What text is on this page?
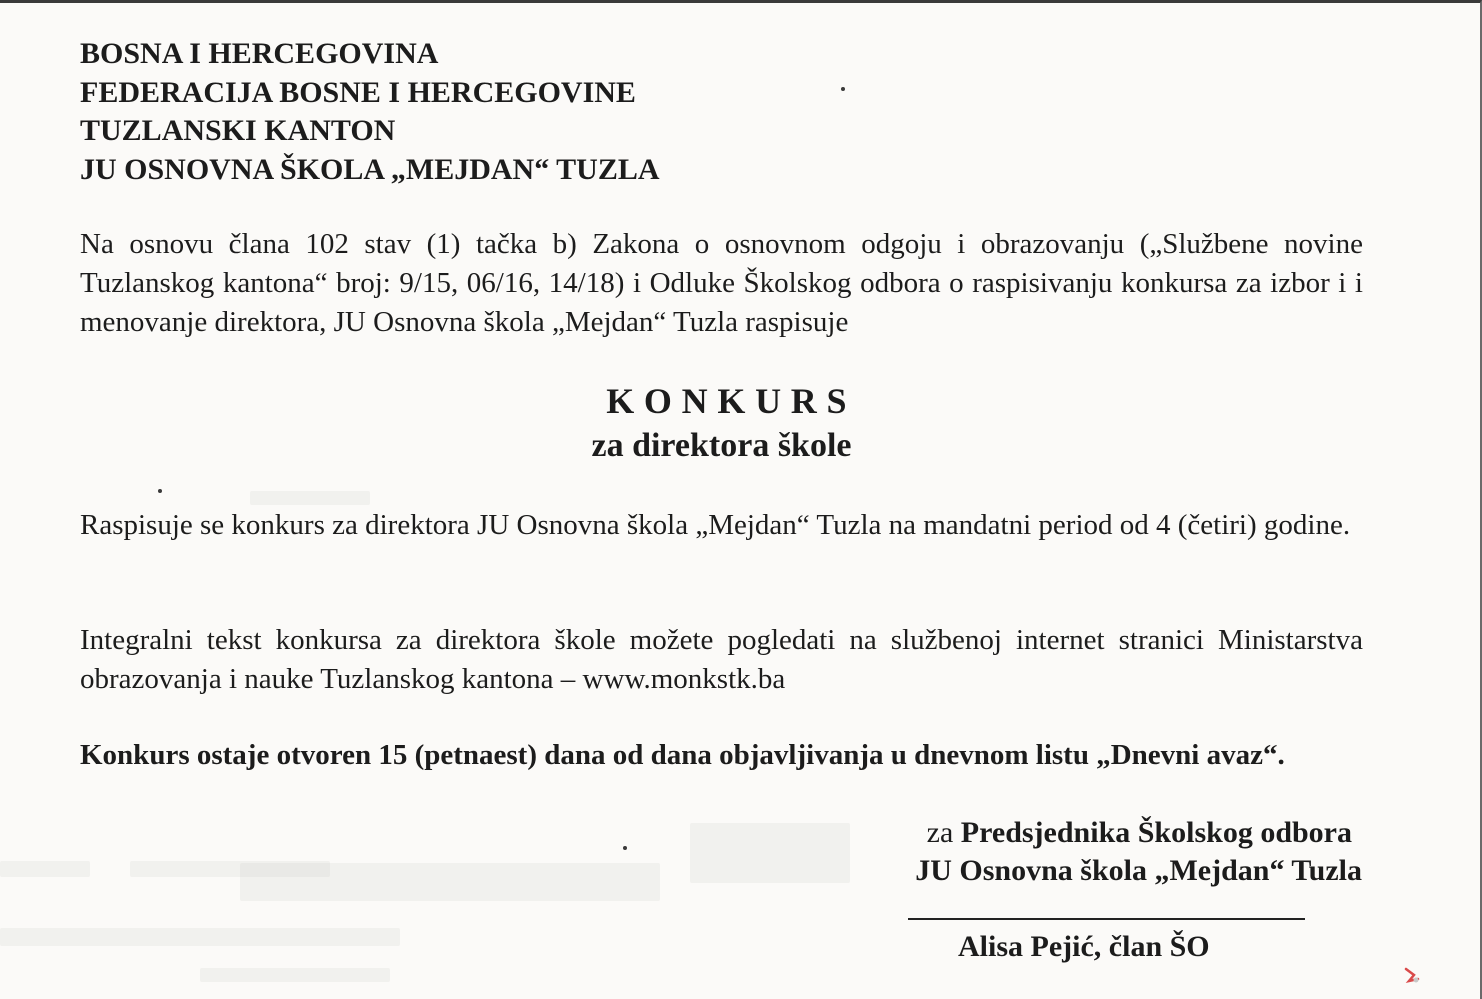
BOSNA I HERCEGOVINA
FEDERACIJA BOSNE I HERCEGOVINE
TUZLANSKI KANTON
JU OSNOVNA ŠKOLA „MEJDAN“ TUZLA

Na osnovu člana 102 stav (1) tačka b) Zakona o osnovnom odgoju i obrazovanju („Službene novine Tuzlanskog kantona“ broj: 9/15, 06/16, 14/18) i Odluke Školskog odbora o raspisivanju konkursa za izbor i i menovanje direktora, JU Osnovna škola „Mejdan“ Tuzla raspisuje

KONKURS
za direktora škole

Raspisuje se konkurs za direktora JU Osnovna škola „Mejdan“ Tuzla na mandatni period od 4 (četiri) godine.

Integralni tekst konkursa za direktora škole možete pogledati na službenoj internet stranici Ministarstva obrazovanja i nauke Tuzlanskog kantona – www.monkstk.ba

Konkurs ostaje otvoren 15 (petnaest) dana od dana objavljivanja u dnevnom listu „Dnevni avaz“.

za Predsjednika Školskog odbora
JU Osnovna škola „Mejdan“ Tuzla
Alisa Pejić, član ŠO
